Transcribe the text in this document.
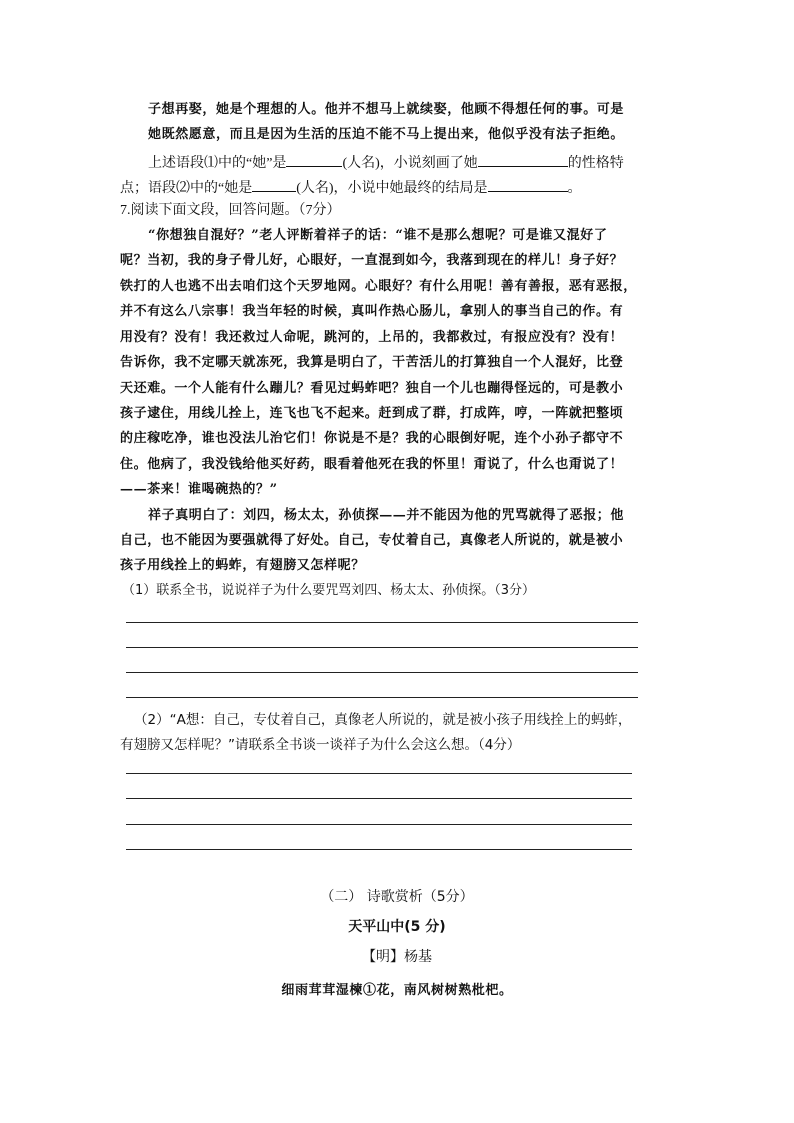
子想再娶，她是个理想的人。他并不想马上就续娶，他顾不得想任何的事。可是
她既然愿意，而且是因为生活的压迫不能不马上提出来，他似乎没有法子拒绝。
上述语段⑴中的“她”是	(人名)，小说刻画了她	的性格特
点；语段⑵中的“她是	(人名)，小说中她最终的结局是	。
7.阅读下面文段，回答问题。（7分）
“你想独自混好？”老人评断着祥子的话：“谁不是那么想呢？可是谁又混好了
呢？当初，我的身子骨儿好，心眼好，一直混到如今，我落到现在的样儿！身子好？
铁打的人也逃不出去咱们这个天罗地网。心眼好？有什么用呢！善有善报，恶有恶报，
并不有这么八宗事！我当年轻的时候，真叫作热心肠儿，拿别人的事当自己的作。有
用没有？没有！我还救过人命呢，跳河的，上吊的，我都救过，有报应没有？没有！
告诉你，我不定哪天就冻死，我算是明白了，干苦活儿的打算独自一个人混好，比登
天还难。一个人能有什么蹦儿？看见过蚂蚱吧？独自一个儿也蹦得怪远的，可是教小
孩子逮住，用线儿拴上，连飞也飞不起来。赶到成了群，打成阵，哼，一阵就把整顷
的庄稼吃净，谁也没法儿治它们！你说是不是？我的心眼倒好呢，连个小孙子都守不
住。他病了，我没钱给他买好药，眼看着他死在我的怀里！甭说了，什么也甭说了！
——茶来！谁喝碗热的？”
祥子真明白了：刘四，杨太太，孙侦探——并不能因为他的咒骂就得了恶报；他
自己，也不能因为要强就得了好处。自己，专仗着自己，真像老人所说的，就是被小
孩子用线拴上的蚂蚱，有翅膀又怎样呢？
（1）联系全书，说说祥子为什么要咒骂刘四、杨太太、孙侦探。（3分）
（2）“A想：自己，专仗着自己，真像老人所说的，就是被小孩子用线拴上的蚂蚱，
有翅膀又怎样呢？”请联系全书谈一谈祥子为什么会这么想。（4分）
（二） 诗歌赏析（5分）
天平山中(5 分)
【明】杨基
细雨茸茸湿楝①花，南风树树熟枇杷。
